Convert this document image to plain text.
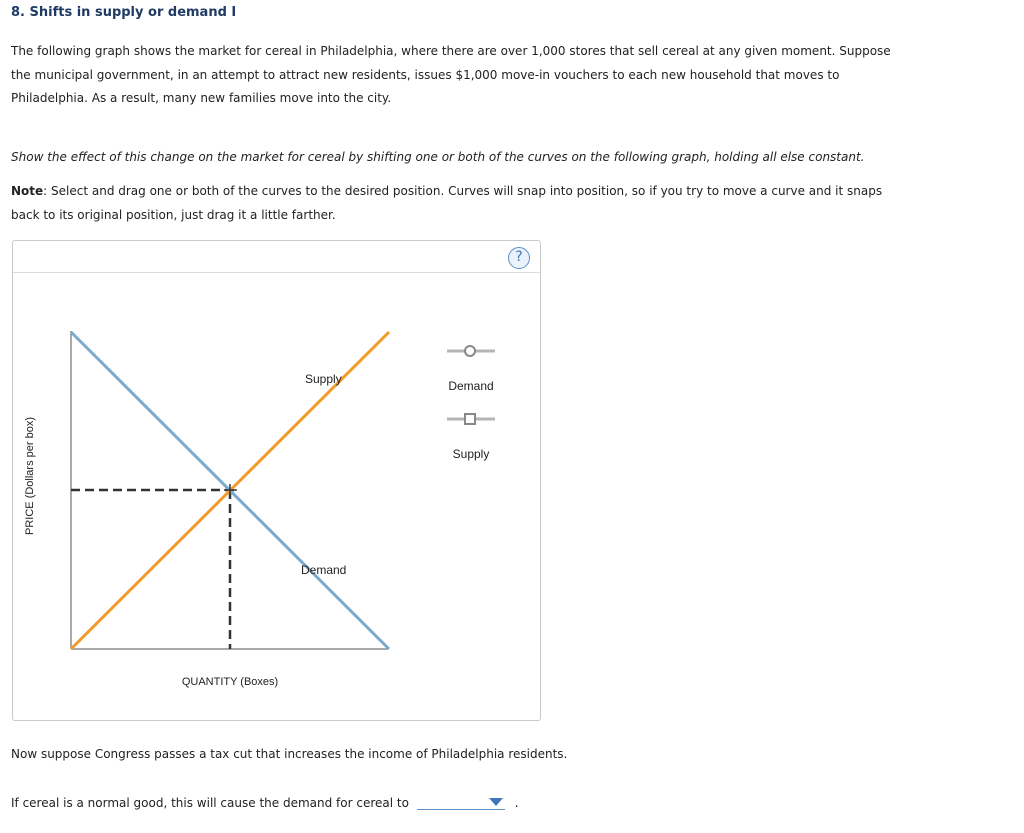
8. Shifts in supply or demand I
The following graph shows the market for cereal in Philadelphia, where there are over 1,000 stores that sell cereal at any given moment. Suppose the municipal government, in an attempt to attract new residents, issues $1,000 move-in vouchers to each new household that moves to Philadelphia. As a result, many new families move into the city.
Show the effect of this change on the market for cereal by shifting one or both of the curves on the following graph, holding all else constant.
Note: Select and drag one or both of the curves to the desired position. Curves will snap into position, so if you try to move a curve and it snaps back to its original position, just drag it a little farther.
?
PRICE (Dollars per box)
Supply
Demand
Demand
Supply
QUANTITY (Boxes)
Now suppose Congress passes a tax cut that increases the income of Philadelphia residents.
If cereal is a normal good, this will cause the demand for cereal to	.
